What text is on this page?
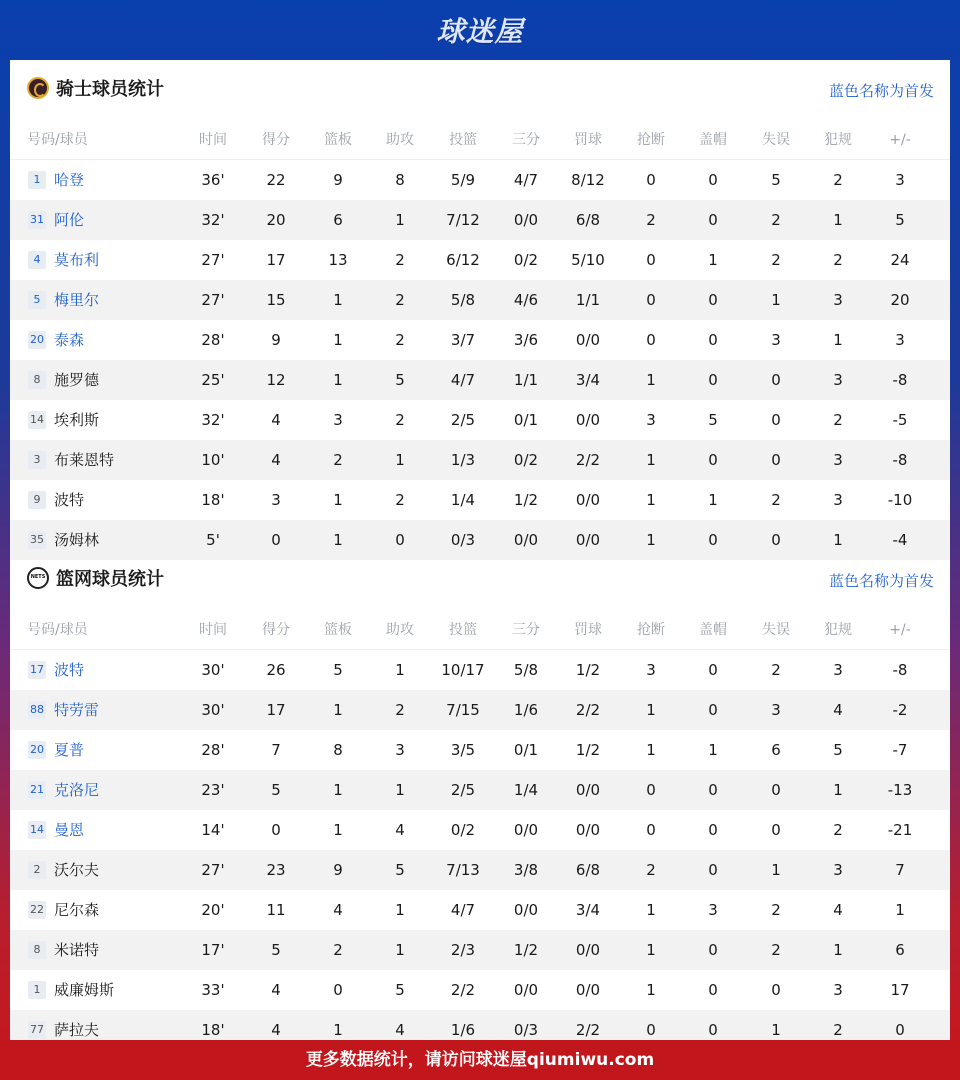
球迷屋
骑士球员统计	蓝色名称为首发
号码/球员	时间	得分	篮板	助攻	投篮	三分	罚球	抢断	盖帽	失误	犯规	+/-
1 哈登	36'	22	9	8	5/9	4/7	8/12	0	0	5	2	3
31 阿伦	32'	20	6	1	7/12	0/0	6/8	2	0	2	1	5
4 莫布利	27'	17	13	2	6/12	0/2	5/10	0	1	2	2	24
5 梅里尔	27'	15	1	2	5/8	4/6	1/1	0	0	1	3	20
20 泰森	28'	9	1	2	3/7	3/6	0/0	0	0	3	1	3
8 施罗德	25'	12	1	5	4/7	1/1	3/4	1	0	0	3	-8
14 埃利斯	32'	4	3	2	2/5	0/1	0/0	3	5	0	2	-5
3 布莱恩特	10'	4	2	1	1/3	0/2	2/2	1	0	0	3	-8
9 波特	18'	3	1	2	1/4	1/2	0/0	1	1	2	3	-10
35 汤姆林	5'	0	1	0	0/3	0/0	0/0	1	0	0	1	-4
NETS
篮网球员统计	蓝色名称为首发
号码/球员	时间	得分	篮板	助攻	投篮	三分	罚球	抢断	盖帽	失误	犯规	+/-
17 波特	30'	26	5	1	10/17	5/8	1/2	3	0	2	3	-8
88 特劳雷	30'	17	1	2	7/15	1/6	2/2	1	0	3	4	-2
20 夏普	28'	7	8	3	3/5	0/1	1/2	1	1	6	5	-7
21 克洛尼	23'	5	1	1	2/5	1/4	0/0	0	0	0	1	-13
14 曼恩	14'	0	1	4	0/2	0/0	0/0	0	0	0	2	-21
2 沃尔夫	27'	23	9	5	7/13	3/8	6/8	2	0	1	3	7
22 尼尔森	20'	11	4	1	4/7	0/0	3/4	1	3	2	4	1
8 米诺特	17'	5	2	1	2/3	1/2	0/0	1	0	2	1	6
1 威廉姆斯	33'	4	0	5	2/2	0/0	0/0	1	0	0	3	17
77 萨拉夫	18'	4	1	4	1/6	0/3	2/2	0	0	1	2	0
更多数据统计，请访问球迷屋qiumiwu.com
